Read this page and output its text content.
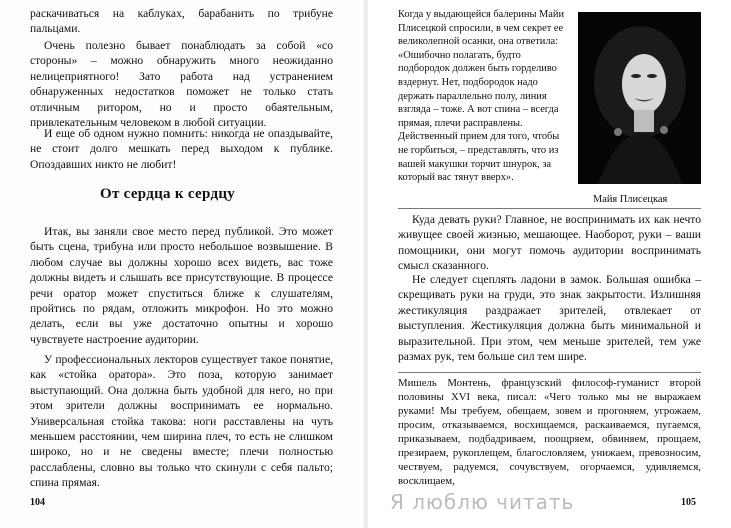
раскачиваться на каблуках, барабанить по трибуне пальцами.

Очень полезно бывает понаблюдать за собой «со стороны» – можно обнаружить много неожиданно нелицеприятного! Зато работа над устранением обнаруженных недостатков поможет не только стать отличным ритором, но и просто обаятельным, привлекательным человеком в любой ситуации.

И еще об одном нужно помнить: никогда не опаздывайте, не стоит долго мешкать перед выходом к публике. Опоздавших никто не любит!

От сердца к сердцу

Итак, вы заняли свое место перед публикой. Это может быть сцена, трибуна или просто небольшое возвышение. В любом случае вы должны хорошо всех видеть, вас тоже должны видеть и слышать все присутствующие. В процессе речи оратор может спуститься ближе к слушателям, пройтись по рядам, отложить микрофон. Но это можно делать, если вы уже достаточно опытны и хорошо чувствуете настроение аудитории.

У профессиональных лекторов существует такое понятие, как «стойка оратора». Это поза, которую занимает выступающий. Она должна быть удобной для него, но при этом зрители должны воспринимать ее нормально. Универсальная стойка такова: ноги расставлены на чуть меньшем расстоянии, чем ширина плеч, то есть не слишком широко, но и не сведены вместе; плечи полностью расслаблены, словно вы только что скинули с себя пальто; спина прямая.

104

Когда у выдающейся балерины Майи Плисецкой спросили, в чем секрет ее великолепной осанки, она ответила: «Ошибочно полагать, будто подбородок должен быть горделиво вздернут. Нет, подбородок надо держать параллельно полу, линия взгляда – тоже. А вот спина – всегда прямая, плечи расправлены. Действенный прием для того, чтобы не горбиться, – представлять, что из вашей макушки торчит шнурок, за который вас тянут вверх».

Майя Плисецкая

Куда девать руки? Главное, не воспринимать их как нечто живущее своей жизнью, мешающее. Наоборот, руки – ваши помощники, они могут помочь аудитории воспринимать смысл сказанного.

Не следует сцеплять ладони в замок. Большая ошибка – скрещивать руки на груди, это знак закрытости. Излишняя жестикуляция раздражает зрителей, отвлекает от выступления. Жестикуляция должна быть минимальной и выразительной. При этом, чем меньше зрителей, тем уже размах рук, тем больше сил тем шире.

Мишель Монтень, французский философ-гуманист второй половины XVI века, писал: «Чего только мы не выражаем руками! Мы требуем, обещаем, зовем и прогоняем, угрожаем, просим, отказываемся, восхищаемся, раскаиваемся, пугаемся, приказываем, подбадриваем, поощряем, обвиняем, прощаем, презираем, рукоплещем, благословляем, унижаем, превозносим, чествуем, радуемся, сочувствуем, огорчаемся, удивляемся, восклицаем,

105

Я люблю читать
